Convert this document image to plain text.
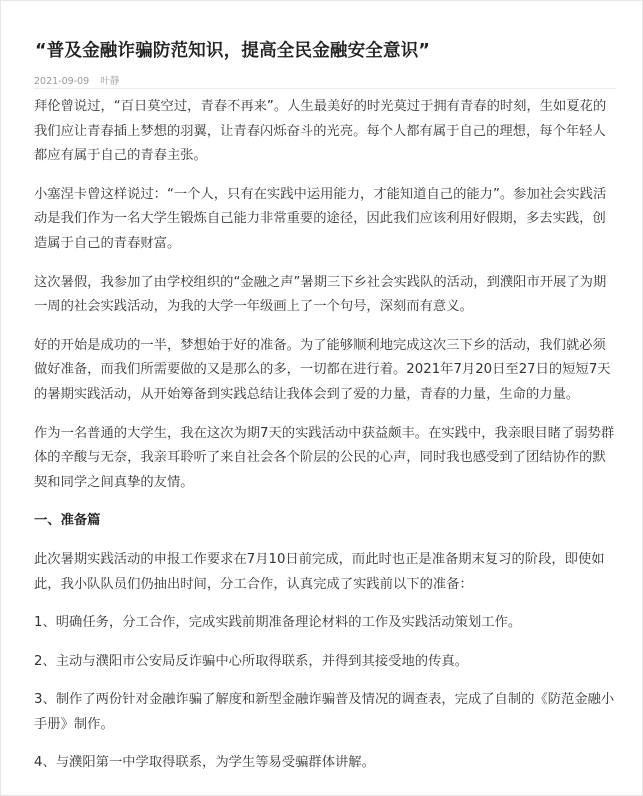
“普及金融诈骗防范知识，提高全民金融安全意识”
2021-09-09 叶靜

拜伦曾说过，“百日莫空过，青春不再来”。人生最美好的时光莫过于拥有青春的时刻，生如夏花的我们应让青春插上梦想的羽翼，让青春闪烁奋斗的光亮。每个人都有属于自己的理想，每个年轻人都应有属于自己的青春主张。

小塞涅卡曾这样说过：“一个人，只有在实践中运用能力，才能知道自己的能力”。参加社会实践活动是我们作为一名大学生锻炼自己能力非常重要的途径，因此我们应该利用好假期，多去实践，创造属于自己的青春财富。

这次暑假，我参加了由学校组织的“金融之声”暑期三下乡社会实践队的活动，到濮阳市开展了为期一周的社会实践活动，为我的大学一年级画上了一个句号，深刻而有意义。

好的开始是成功的一半，梦想始于好的准备。为了能够顺利地完成这次三下乡的活动，我们就必须做好准备，而我们所需要做的又是那么的多，一切都在进行着。2021年7月20日至27日的短短7天的暑期实践活动，从开始筹备到实践总结让我体会到了爱的力量，青春的力量，生命的力量。

作为一名普通的大学生，我在这次为期7天的实践活动中获益颇丰。在实践中，我亲眼目睹了弱势群体的辛酸与无奈，我亲耳聆听了来自社会各个阶层的公民的心声，同时我也感受到了团结协作的默契和同学之间真挚的友情。

一、准备篇

此次暑期实践活动的申报工作要求在7月10日前完成，而此时也正是准备期末复习的阶段，即使如此，我小队队员们仍抽出时间，分工合作，认真完成了实践前以下的准备：

1、明确任务，分工合作，完成实践前期准备理论材料的工作及实践活动策划工作。

2、主动与濮阳市公安局反诈骗中心所取得联系，并得到其接受地的传真。

3、制作了两份针对金融诈骗了解度和新型金融诈骗普及情况的调查表，完成了自制的《防范金融小手册》制作。

4、与濮阳第一中学取得联系，为学生等易受骗群体讲解。
